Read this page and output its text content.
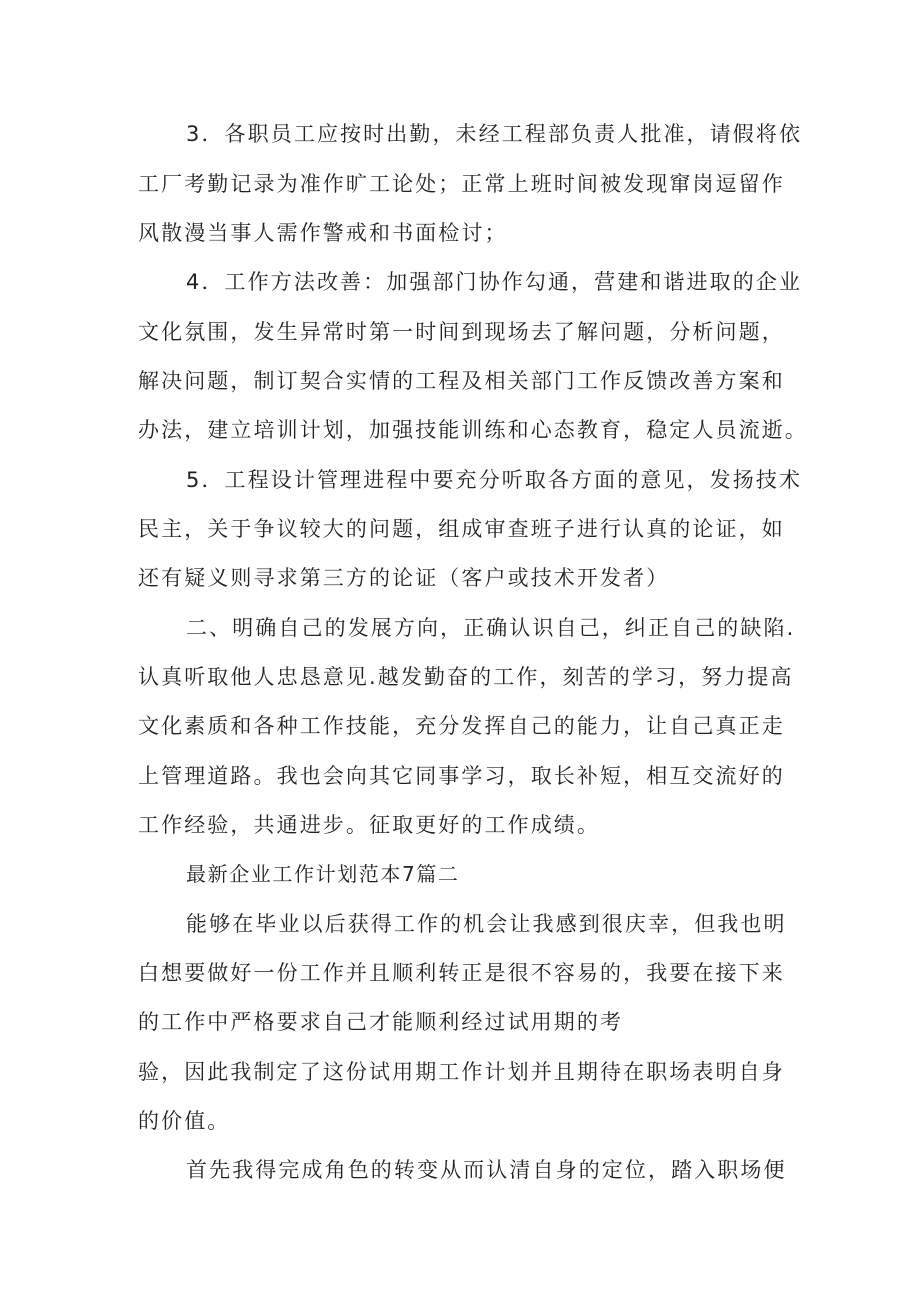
3．各职员工应按时出勤，未经工程部负责人批准，请假将依
工厂考勤记录为准作旷工论处；正常上班时间被发现窜岗逗留作
风散漫当事人需作警戒和书面检讨；
4．工作方法改善：加强部门协作勾通，营建和谐进取的企业
文化氛围，发生异常时第一时间到现场去了解问题，分析问题，
解决问题，制订契合实情的工程及相关部门工作反馈改善方案和
办法，建立培训计划，加强技能训练和心态教育，稳定人员流逝。
5．工程设计管理进程中要充分听取各方面的意见，发扬技术
民主，关于争议较大的问题，组成审查班子进行认真的论证，如
还有疑义则寻求第三方的论证（客户或技术开发者）
二、明确自己的发展方向，正确认识自己，纠正自己的缺陷.
认真听取他人忠恳意见.越发勤奋的工作，刻苦的学习，努力提高
文化素质和各种工作技能，充分发挥自己的能力，让自己真正走
上管理道路。我也会向其它同事学习，取长补短，相互交流好的
工作经验，共通进步。征取更好的工作成绩。
最新企业工作计划范本7篇二
能够在毕业以后获得工作的机会让我感到很庆幸，但我也明
白想要做好一份工作并且顺利转正是很不容易的，我要在接下来
的工作中严格要求自己才能顺利经过试用期的考
验，因此我制定了这份试用期工作计划并且期待在职场表明自身
的价值。
首先我得完成角色的转变从而认清自身的定位，踏入职场便
